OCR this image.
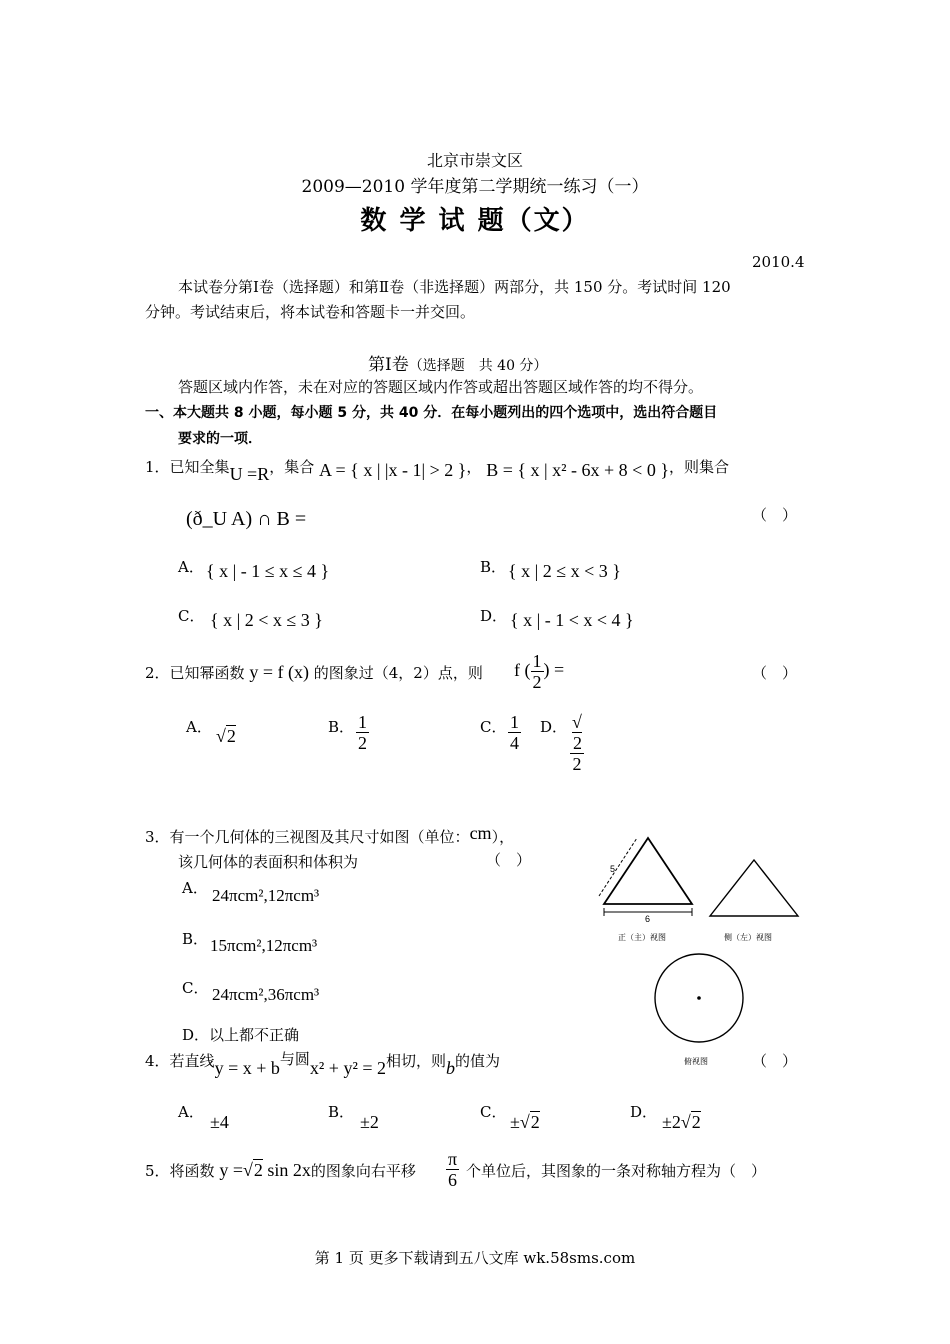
北京市崇文区
2009—2010 学年度第二学期统一练习（一）
数 学 试 题（文）
2010.4
本试卷分第Ⅰ卷（选择题）和第Ⅱ卷（非选择题）两部分，共 150 分。考试时间 120
分钟。考试结束后，将本试卷和答题卡一并交回。
第Ⅰ卷（选择题　共 40 分）
答题区域内作答，未在对应的答题区域内作答或超出答题区域作答的均不得分。
一、本大题共 8 小题，每小题 5 分，共 40 分．在每小题列出的四个选项中，选出符合题目
要求的一项．
1．已知全集U =R，集合 A = { x | |x - 1| > 2 }， B = { x | x² - 6x + 8 < 0 }，则集合
(ð_U A) ∩ B =	（　）
A． { x | - 1 ≤ x ≤ 4 }	B． { x | 2 ≤ x < 3 }
C． { x | 2 < x ≤ 3 }	D． { x | - 1 < x < 4 }
2．已知幂函数 y = f (x) 的图象过（4，2）点，则 f ( $\frac{1}{2}$ ) =	（　）
A． √2	B． $\frac{1}{2}$	C． $\frac{1}{4}$ D． √
2
2
3．有一个几何体的三视图及其尺寸如图（单位：cm），
该几何体的表面积和体积为	（　）
A． 24πcm²,12πcm³
B． 15πcm²,12πcm³
C． 24πcm²,36πcm³
D．以上都不正确
6
5
正（主）视图	侧（左）视图
俯视图
4．若直线y = x + b与圆x² + y² = 2相切，则b的值为	（　）
A． ±4	B． ±2	C． ±√2	D． ±2√2
5．将函数 y =√2 sin 2x的图象向右平移 $\frac{\pi}{6}$ 个单位后，其图象的一条对称轴方程为（　）
第 1 页 更多下载请到五八文库 wk.58sms.com
